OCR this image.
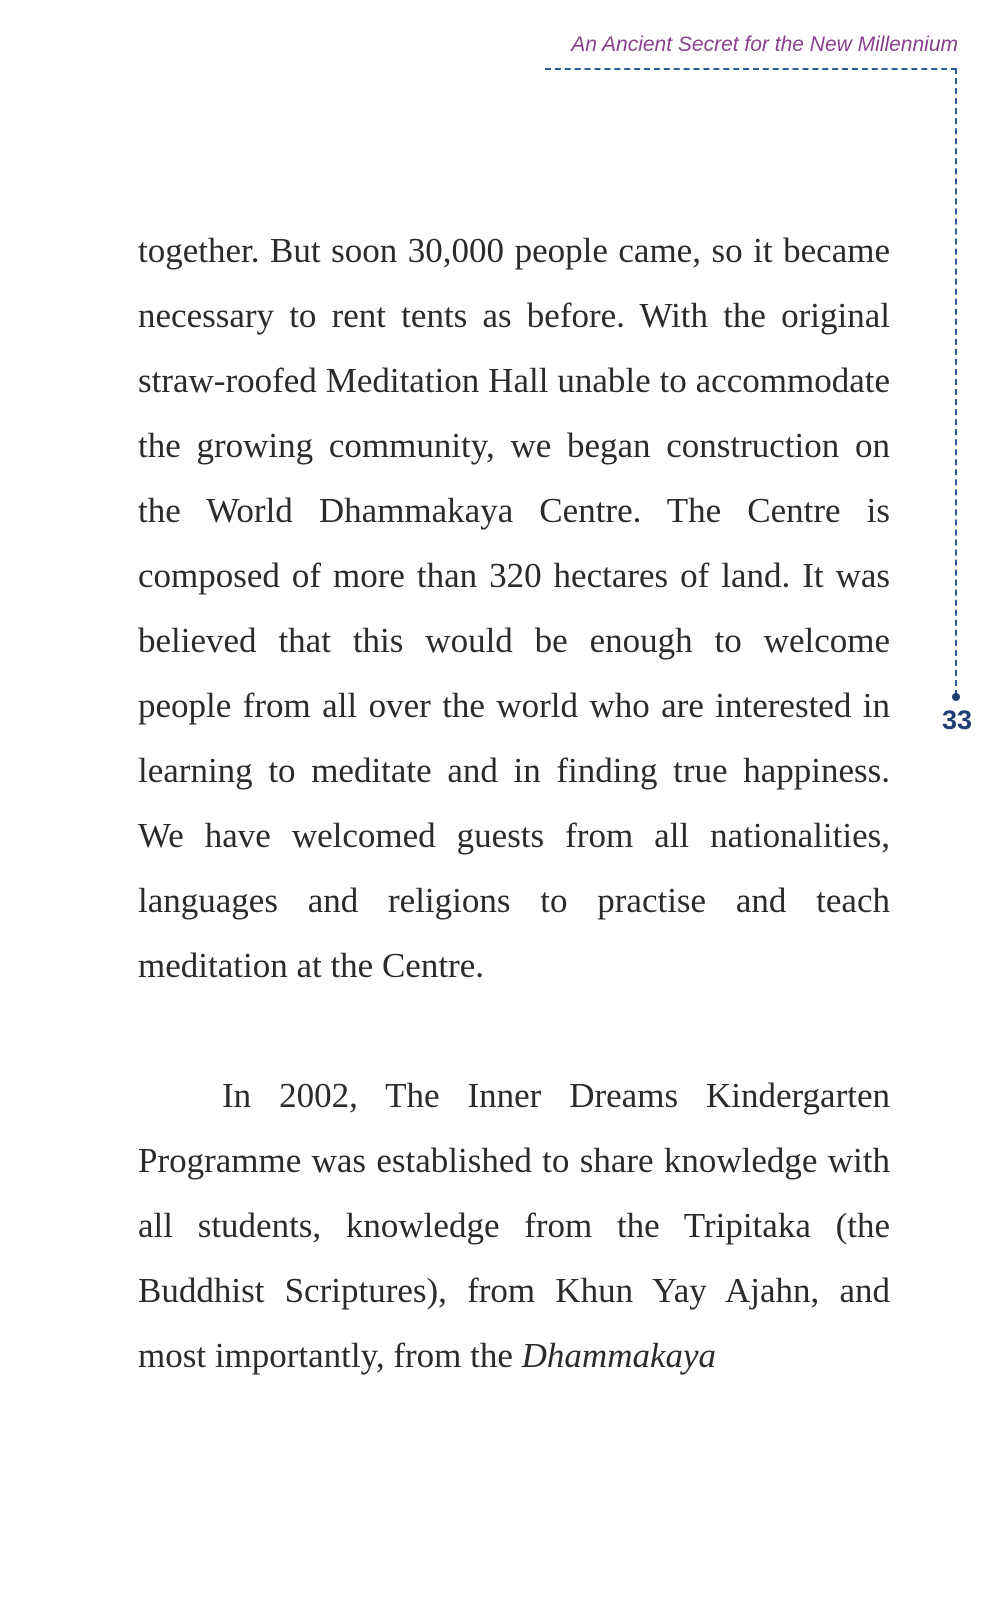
An Ancient Secret for the New Millennium
33

together. But soon 30,000 people came, so it became necessary to rent tents as before. With the original straw-roofed Meditation Hall unable to accommodate the growing community, we began construction on the World Dhammakaya Centre. The Centre is composed of more than 320 hectares of land. It was believed that this would be enough to welcome people from all over the world who are interested in learning to meditate and in finding true happiness. We have welcomed guests from all nationalities, languages and religions to practise and teach meditation at the Centre.

In 2002, The Inner Dreams Kindergarten Programme was established to share knowledge with all students, knowledge from the Tripitaka (the Buddhist Scriptures), from Khun Yay Ajahn, and most importantly, from the Dhammakaya
